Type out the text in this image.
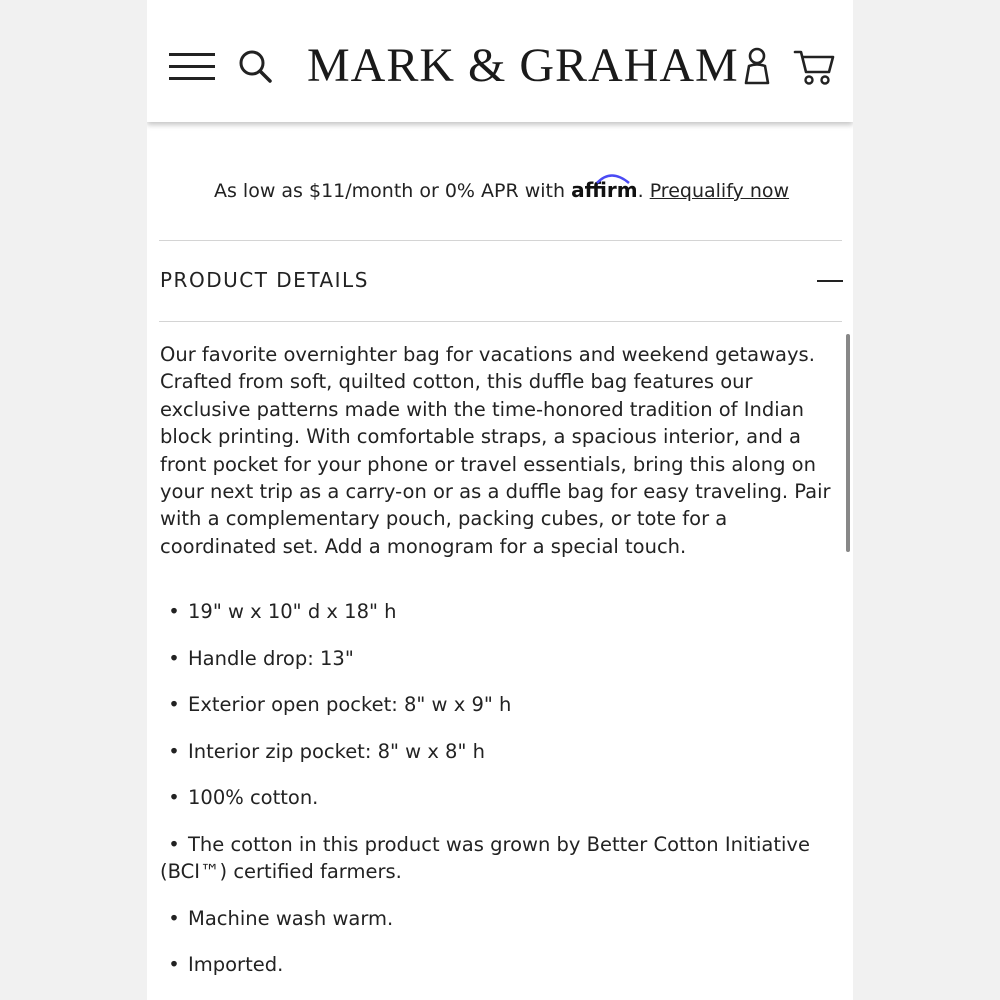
MARK & GRAHAM
As low as $11/month or 0% APR with
affirm. Prequalify now
PRODUCT DETAILS
Our favorite overnighter bag for vacations and weekend getaways. Crafted from soft, quilted cotton, this duffle bag features our exclusive patterns made with the time-honored tradition of Indian block printing. With comfortable straps, a spacious interior, and a front pocket for your phone or travel essentials, bring this along on your next trip as a carry-on or as a duffle bag for easy traveling. Pair with a complementary pouch, packing cubes, or tote for a coordinated set. Add a monogram for a special touch.
• 19" w x 10" d x 18" h
• Handle drop: 13"
• Exterior open pocket: 8" w x 9" h
• Interior zip pocket: 8" w x 8" h
• 100% cotton.
• The cotton in this product was grown by Better Cotton Initiative (BCI™) certified farmers.
• Machine wash warm.
• Imported.
